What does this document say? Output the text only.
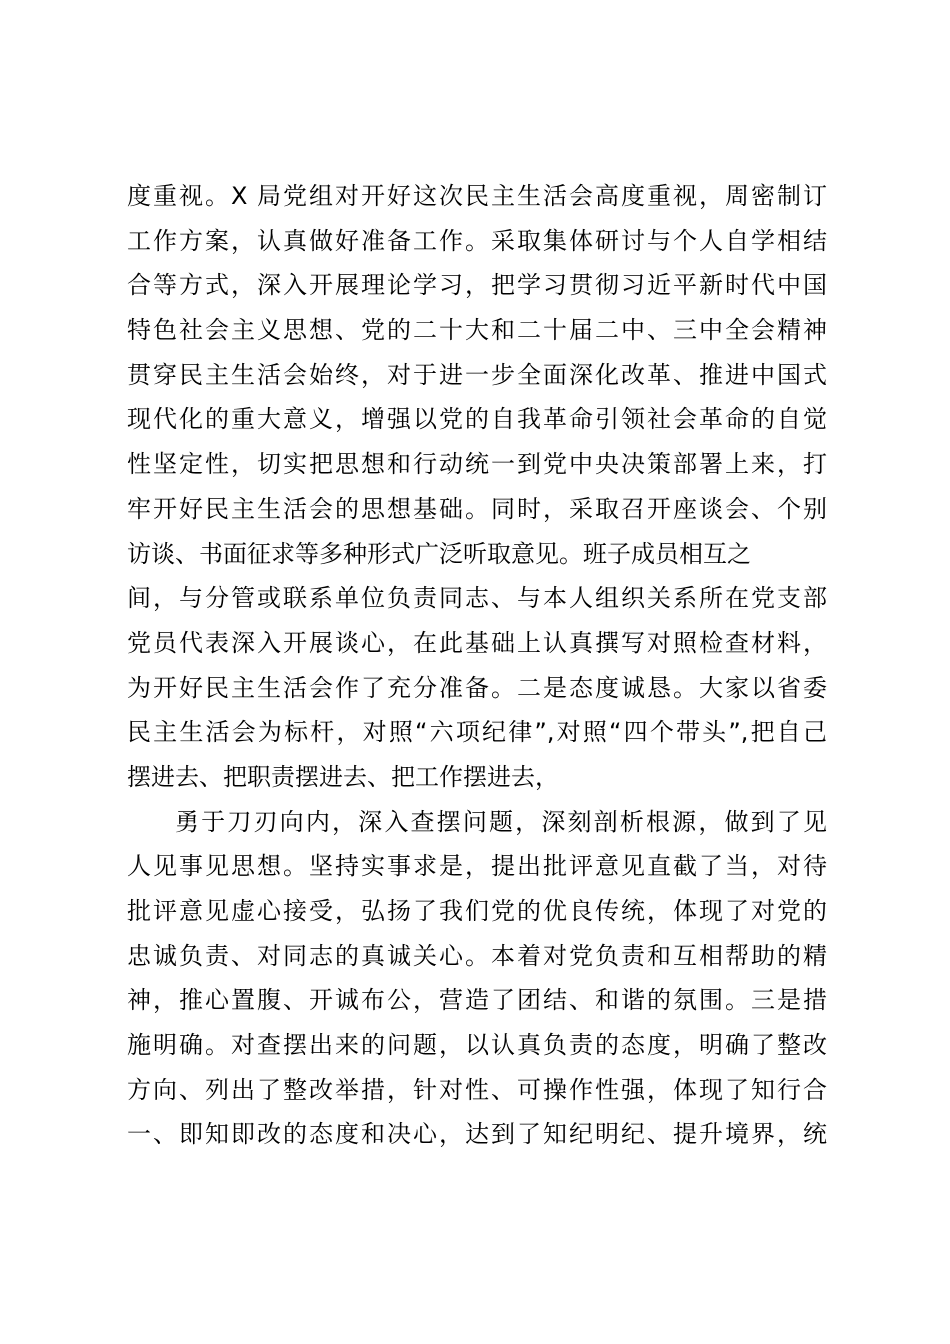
度重视。X 局党组对开好这次民主生活会高度重视，周密制订
工作方案，认真做好准备工作。采取集体研讨与个人自学相结
合等方式，深入开展理论学习，把学习贯彻习近平新时代中国
特色社会主义思想、党的二十大和二十届二中、三中全会精神
贯穿民主生活会始终，对于进一步全面深化改革、推进中国式
现代化的重大意义，增强以党的自我革命引领社会革命的自觉
性坚定性，切实把思想和行动统一到党中央决策部署上来，打
牢开好民主生活会的思想基础。同时，采取召开座谈会、个别
访谈、书面征求等多种形式广泛听取意见。班子成员相互之
间，与分管或联系单位负责同志、与本人组织关系所在党支部
党员代表深入开展谈心，在此基础上认真撰写对照检查材料，
为开好民主生活会作了充分准备。二是态度诚恳。大家以省委
民主生活会为标杆，对照“六项纪律”,对照“四个带头”,把自己
摆进去、把职责摆进去、把工作摆进去，
勇于刀刃向内，深入查摆问题，深刻剖析根源，做到了见
人见事见思想。坚持实事求是，提出批评意见直截了当，对待
批评意见虚心接受，弘扬了我们党的优良传统，体现了对党的
忠诚负责、对同志的真诚关心。本着对党负责和互相帮助的精
神，推心置腹、开诚布公，营造了团结、和谐的氛围。三是措
施明确。对查摆出来的问题，以认真负责的态度，明确了整改
方向、列出了整改举措，针对性、可操作性强，体现了知行合
一、即知即改的态度和决心，达到了知纪明纪、提升境界，统
